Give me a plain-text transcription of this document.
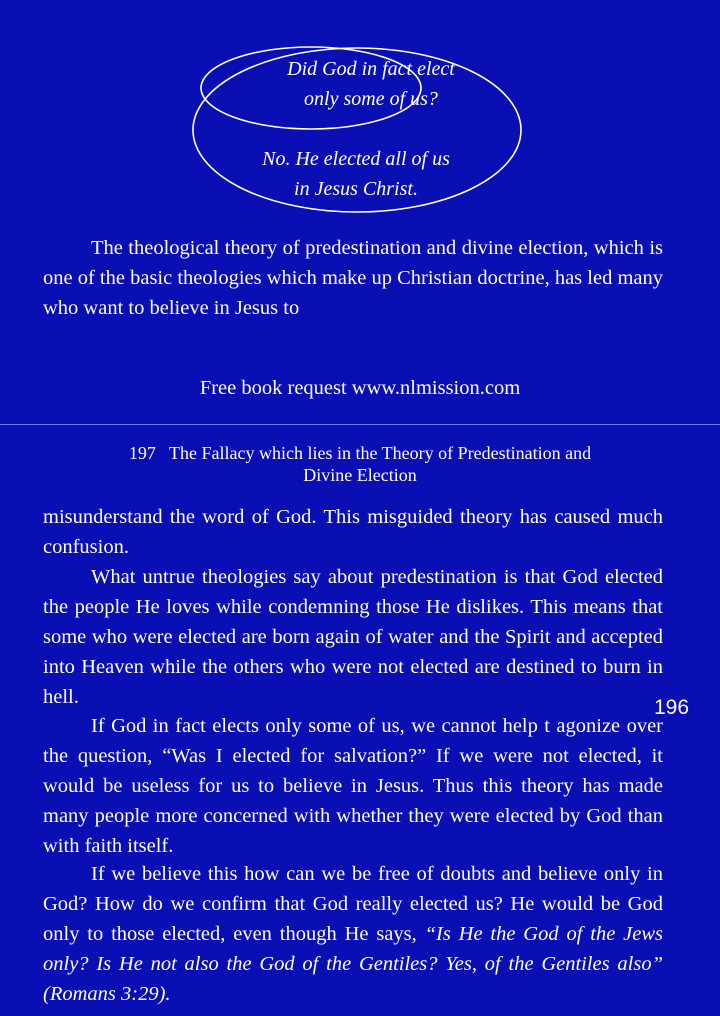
Did God in fact elect
only some of us?
No. He elected all of us
in Jesus Christ.

The theological theory of predestination and divine election, which is one of the basic theologies which make up Christian doctrine, has led many who want to believe in Jesus to

Free book request www.nlmission.com
197   The Fallacy which lies in the Theory of Predestination and
Divine Election

misunderstand the word of God. This misguided theory has caused much confusion.

What untrue theologies say about predestination is that God elected the people He loves while condemning those He dislikes. This means that some who were elected are born again of water and the Spirit and accepted into Heaven while the others who were not elected are destined to burn in hell.

If God in fact elects only some of us, we cannot help t agonize over the question, “Was I elected for salvation?” If we were not elected, it would be useless for us to believe in Jesus. Thus this theory has made many people more concerned with whether they were elected by God than with faith itself.

If we believe this how can we be free of doubts and believe only in God? How do we confirm that God really elected us? He would be God only to those elected, even though He says, “Is He the God of the Jews only? Is He not also the God of the Gentiles? Yes, of the Gentiles also” (Romans 3:29).

196
